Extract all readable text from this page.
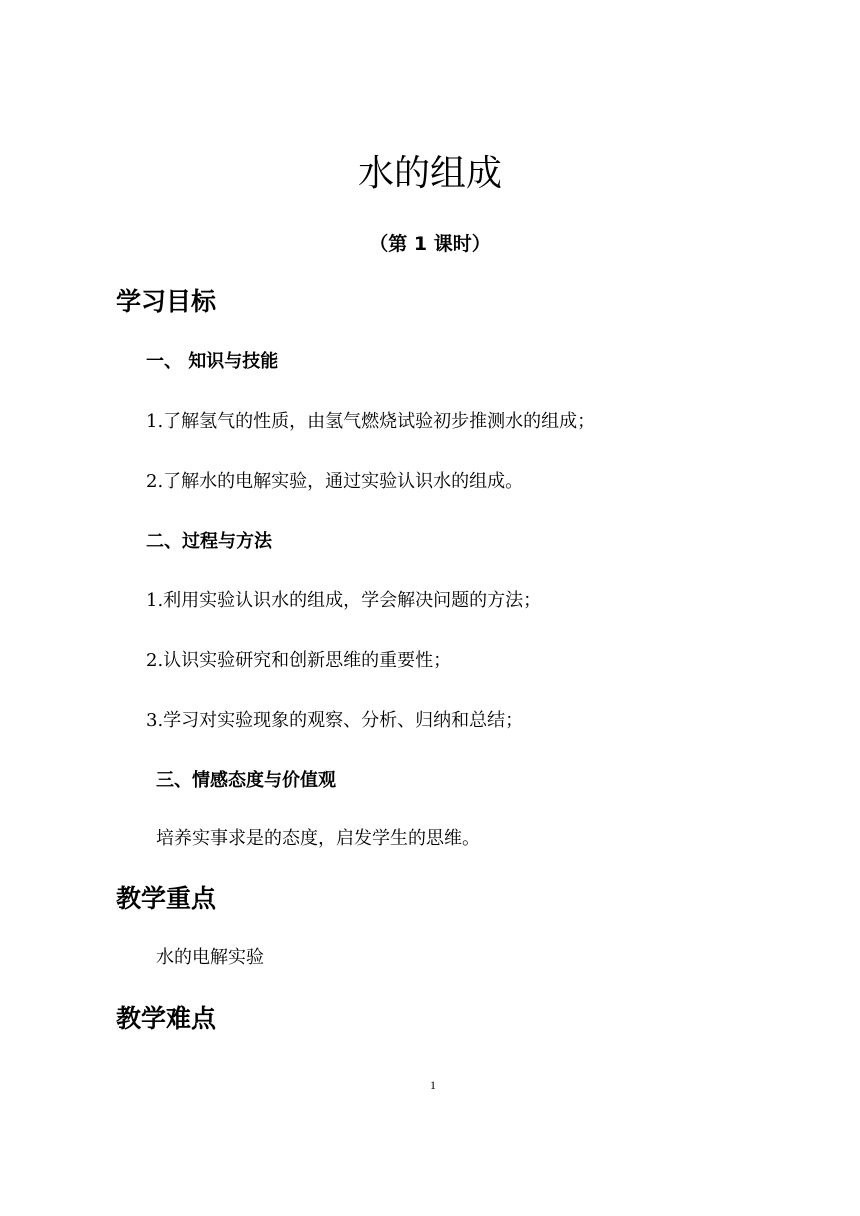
水的组成
（第 1 课时）
学习目标
一、 知识与技能
1.了解氢气的性质，由氢气燃烧试验初步推测水的组成；
2.了解水的电解实验，通过实验认识水的组成。
二、过程与方法
1.利用实验认识水的组成，学会解决问题的方法；
2.认识实验研究和创新思维的重要性；
3.学习对实验现象的观察、分析、归纳和总结；
三、情感态度与价值观
培养实事求是的态度，启发学生的思维。
教学重点
水的电解实验
教学难点
1
